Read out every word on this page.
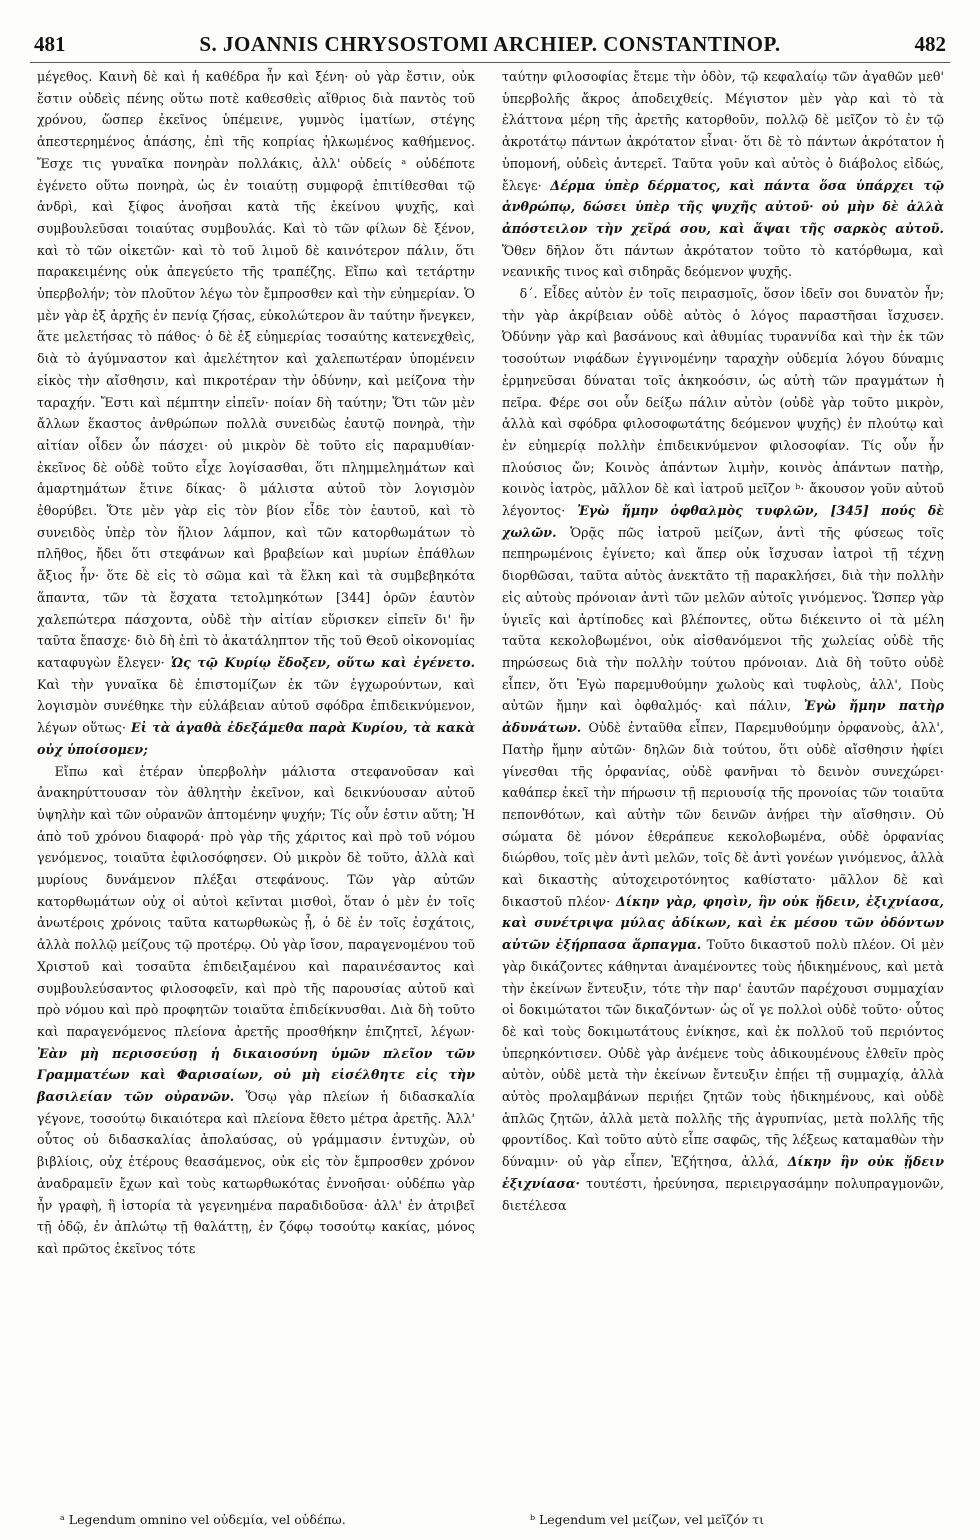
481	S. JOANNIS CHRYSOSTOMI ARCHIEP. CONSTANTINOP.	482

μέγεθος. Καινὴ δὲ καὶ ἡ καθέδρα ἦν καὶ ξένη· οὐ γὰρ ἔστιν, οὐκ ἔστιν οὐδεὶς πένης οὕτω ποτὲ καθεσθεὶς αἴθριος διὰ παντὸς τοῦ χρόνου, ὥσπερ ἐκεῖνος ὑπέμεινε, γυμνὸς ἱματίων, στέγης ἀπεστερημένος ἁπάσης, ἐπὶ τῆς κοπρίας ἡλκωμένος καθήμενος. Ἔσχε τις γυναῖκα πονηρὰν πολλάκις, ἀλλ' οὐδείς ᵃ οὐδέποτε ἐγένετο οὕτω πονηρὰ, ὡς ἐν τοιαύτῃ συμφορᾷ ἐπιτίθεσθαι τῷ ἀνδρὶ, καὶ ξίφος ἀνοῆσαι κατὰ τῆς ἐκείνου ψυχῆς, καὶ συμβουλεῦσαι τοιαύτας συμβουλάς. Καὶ τὸ τῶν φίλων δὲ ξένον, καὶ τὸ τῶν οἰκετῶν· καὶ τὸ τοῦ λιμοῦ δὲ καινότερον πάλιν, ὅτι παρακειμένης οὐκ ἀπεγεύετο τῆς τραπέζης. Εἴπω καὶ τετάρτην ὑπερβολήν; τὸν πλοῦτον λέγω τὸν ἔμπροσθεν καὶ τὴν εὐημερίαν. Ὁ μὲν γὰρ ἐξ ἀρχῆς ἐν πενίᾳ ζήσας, εὐκολώτερον ἂν ταύτην ἤνεγκεν, ἅτε μελετήσας τὸ πάθος· ὁ δὲ ἐξ εὐημερίας τοσαύτης κατενεχθεὶς, διὰ τὸ ἀγύμναστον καὶ ἀμελέτητον καὶ χαλεπωτέραν ὑπομένειν εἰκὸς τὴν αἴσθησιν, καὶ πικροτέραν τὴν ὀδύνην, καὶ μείζονα τὴν ταραχήν. Ἔστι καὶ πέμπτην εἰπεῖν· ποίαν δὴ ταύτην; Ὅτι τῶν μὲν ἄλλων ἕκαστος ἀνθρώπων πολλὰ συνειδὼς ἑαυτῷ πονηρὰ, τὴν αἰτίαν οἶδεν ὧν πάσχει· οὐ μικρὸν δὲ τοῦτο εἰς παραμυθίαν· ἐκεῖνος δὲ οὐδὲ τοῦτο εἶχε λογίσασθαι, ὅτι πλημμελημάτων καὶ ἁμαρτημάτων ἔτινε δίκας· ὃ μάλιστα αὐτοῦ τὸν λογισμὸν ἐθορύβει. Ὅτε μὲν γὰρ εἰς τὸν βίον εἶδε τὸν ἑαυτοῦ, καὶ τὸ συνειδὸς ὑπὲρ τὸν ἥλιον λάμπον, καὶ τῶν κατορθωμάτων τὸ πλῆθος, ἤδει ὅτι στεφάνων καὶ βραβείων καὶ μυρίων ἐπάθλων ἄξιος ἦν· ὅτε δὲ εἰς τὸ σῶμα καὶ τὰ ἕλκη καὶ τὰ συμβεβηκότα ἅπαντα, τῶν τὰ ἔσχατα τετολμηκότων [344] ὁρῶν ἑαυτὸν χαλεπώτερα πάσχοντα, οὐδὲ τὴν αἰτίαν εὕρισκεν εἰπεῖν δι' ἣν ταῦτα ἔπασχε· διὸ δὴ ἐπὶ τὸ ἀκατάληπτον τῆς τοῦ Θεοῦ οἰκονομίας καταφυγὼν ἔλεγεν· Ὡς τῷ Κυρίῳ ἔδοξεν, οὕτω καὶ ἐγένετο. Καὶ τὴν γυναῖκα δὲ ἐπιστομίζων ἐκ τῶν ἐγχωρούντων, καὶ λογισμὸν συνέθηκε τὴν εὐλάβειαν αὐτοῦ σφόδρα ἐπιδεικνύμενον, λέγων οὕτως· Εἰ τὰ ἀγαθὰ ἐδεξάμεθα παρὰ Κυρίου, τὰ κακὰ οὐχ ὑποίσομεν;

Εἴπω καὶ ἑτέραν ὑπερβολὴν μάλιστα στεφανοῦσαν καὶ ἀνακηρύττουσαν τὸν ἀθλητὴν ἐκεῖνον, καὶ δεικνύουσαν αὐτοῦ ὑψηλὴν καὶ τῶν οὐρανῶν ἁπτομένην ψυχήν; Τίς οὖν ἐστιν αὕτη; Ἡ ἀπὸ τοῦ χρόνου διαφορά· πρὸ γὰρ τῆς χάριτος καὶ πρὸ τοῦ νόμου γενόμενος, τοιαῦτα ἐφιλοσόφησεν. Οὐ μικρὸν δὲ τοῦτο, ἀλλὰ καὶ μυρίους δυνάμενον πλέξαι στεφάνους. Τῶν γὰρ αὐτῶν κατορθωμάτων οὐχ οἱ αὐτοὶ κεῖνται μισθοὶ, ὅταν ὁ μὲν ἐν τοῖς ἀνωτέροις χρόνοις ταῦτα κατωρθωκὼς ᾖ, ὁ δὲ ἐν τοῖς ἐσχάτοις, ἀλλὰ πολλῷ μείζους τῷ προτέρῳ. Οὐ γὰρ ἴσον, παραγενομένου τοῦ Χριστοῦ καὶ τοσαῦτα ἐπιδειξαμένου καὶ παραινέσαντος καὶ συμβουλεύσαντος φιλοσοφεῖν, καὶ πρὸ τῆς παρουσίας αὐτοῦ καὶ πρὸ νόμου καὶ πρὸ προφητῶν τοιαῦτα ἐπιδείκνυσθαι. Διὰ δὴ τοῦτο καὶ παραγενόμενος πλείονα ἀρετῆς προσθήκην ἐπιζητεῖ, λέγων· Ἐὰν μὴ περισσεύσῃ ἡ δικαιοσύνη ὑμῶν πλεῖον τῶν Γραμματέων καὶ Φαρισαίων, οὐ μὴ εἰσέλθητε εἰς τὴν βασιλείαν τῶν οὐρανῶν. Ὅσῳ γὰρ πλείων ἡ διδασκαλία γέγονε, τοσούτῳ δικαιότερα καὶ πλείονα ἔθετο μέτρα ἀρετῆς. Ἀλλ' οὗτος οὐ διδασκαλίας ἀπολαύσας, οὐ γράμμασιν ἐντυχὼν, οὐ βιβλίοις, οὐχ ἑτέρους θεασάμενος, οὐκ εἰς τὸν ἔμπροσθεν χρόνον ἀναδραμεῖν ἔχων καὶ τοὺς κατωρθωκότας ἐννοῆσαι· οὐδέπω γὰρ ἦν γραφὴ, ἣ ἱστορία τὰ γεγενημένα παραδιδοῦσα· ἀλλ' ἐν ἀτριβεῖ τῇ ὁδῷ, ἐν ἀπλώτῳ τῇ θαλάττῃ, ἐν ζόφῳ τοσούτῳ κακίας, μόνος καὶ πρῶτος ἐκεῖνος τότε

ταύτην φιλοσοφίας ἔτεμε τὴν ὁδὸν, τῷ κεφαλαίῳ τῶν ἀγαθῶν μεθ' ὑπερβολῆς ἄκρος ἀποδειχθείς. Μέγιστον μὲν γὰρ καὶ τὸ τὰ ἐλάττονα μέρη τῆς ἀρετῆς κατορθοῦν, πολλῷ δὲ μεῖζον τὸ ἐν τῷ ἀκροτάτῳ πάντων ἀκρότατον εἶναι· ὅτι δὲ τὸ πάντων ἀκρότατον ἡ ὑπομονή, οὐδεὶς ἀντερεῖ. Ταῦτα γοῦν καὶ αὐτὸς ὁ διάβολος εἰδώς, ἔλεγε· Δέρμα ὑπὲρ δέρματος, καὶ πάντα ὅσα ὑπάρχει τῷ ἀνθρώπῳ, δώσει ὑπὲρ τῆς ψυχῆς αὐτοῦ· οὐ μὴν δὲ ἀλλὰ ἀπόστειλον τὴν χεῖρά σου, καὶ ἅψαι τῆς σαρκὸς αὐτοῦ. Ὅθεν δῆλον ὅτι πάντων ἀκρότατον τοῦτο τὸ κατόρθωμα, καὶ νεανικῆς τινος καὶ σιδηρᾶς δεόμενον ψυχῆς.

δ΄. Εἶδες αὐτὸν ἐν τοῖς πειρασμοῖς, ὅσον ἰδεῖν σοι δυνατὸν ἦν; τὴν γὰρ ἀκρίβειαν οὐδὲ αὐτὸς ὁ λόγος παραστῆσαι ἴσχυσεν. Ὀδύνην γὰρ καὶ βασάνους καὶ ἀθυμίας τυραννίδα καὶ τὴν ἐκ τῶν τοσούτων νιφάδων ἐγγινομένην ταραχὴν οὐδεμία λόγου δύναμις ἑρμηνεῦσαι δύναται τοῖς ἀκηκοόσιν, ὡς αὐτὴ τῶν πραγμάτων ἡ πεῖρα. Φέρε σοι οὖν δείξω πάλιν αὐτὸν (οὐδὲ γὰρ τοῦτο μικρὸν, ἀλλὰ καὶ σφόδρα φιλοσοφωτάτης δεόμενον ψυχῆς) ἐν πλούτῳ καὶ ἐν εὐημερίᾳ πολλὴν ἐπιδεικνύμενον φιλοσοφίαν. Τίς οὖν ἦν πλούσιος ὤν; Κοινὸς ἁπάντων λιμὴν, κοινὸς ἁπάντων πατὴρ, κοινὸς ἰατρὸς, μᾶλλον δὲ καὶ ἰατροῦ μεῖζον ᵇ· ἄκουσον γοῦν αὐτοῦ λέγοντος· Ἐγὼ ἤμην ὀφθαλμὸς τυφλῶν, [345] πούς δὲ χωλῶν. Ὁρᾷς πῶς ἰατροῦ μείζων, ἀντὶ τῆς φύσεως τοῖς πεπηρωμένοις ἐγίνετο; καὶ ἅπερ οὐκ ἴσχυσαν ἰατροὶ τῇ τέχνῃ διορθῶσαι, ταῦτα αὐτὸς ἀνεκτᾶτο τῇ παρακλήσει, διὰ τὴν πολλὴν εἰς αὐτοὺς πρόνοιαν ἀντὶ τῶν μελῶν αὐτοῖς γινόμενος. Ὥσπερ γὰρ ὑγιεῖς καὶ ἀρτίποδες καὶ βλέποντες, οὕτω διέκειντο οἱ τὰ μέλη ταῦτα κεκολοβωμένοι, οὐκ αἰσθανόμενοι τῆς χωλείας οὐδὲ τῆς πηρώσεως διὰ τὴν πολλὴν τούτου πρόνοιαν. Διὰ δὴ τοῦτο οὐδὲ εἶπεν, ὅτι Ἐγὼ παρεμυθούμην χωλοὺς καὶ τυφλοὺς, ἀλλ', Ποὺς αὐτῶν ἤμην καὶ ὀφθαλμός· καὶ πάλιν, Ἐγὼ ἤμην πατὴρ ἀδυνάτων. Οὐδὲ ἐνταῦθα εἶπεν, Παρεμυθούμην ὀρφανοὺς, ἀλλ', Πατὴρ ἤμην αὐτῶν· δηλῶν διὰ τούτου, ὅτι οὐδὲ αἴσθησιν ἠφίει γίνεσθαι τῆς ὀρφανίας, οὐδὲ φανῆναι τὸ δεινὸν συνεχώρει· καθάπερ ἐκεῖ τὴν πήρωσιν τῇ περιουσίᾳ τῆς προνοίας τῶν τοιαῦτα πεπονθότων, καὶ αὐτὴν τῶν δεινῶν ἀνῄρει τὴν αἴσθησιν. Οὐ σώματα δὲ μόνον ἐθεράπευε κεκολοβωμένα, οὐδὲ ὀρφανίας διώρθου, τοῖς μὲν ἀντὶ μελῶν, τοῖς δὲ ἀντὶ γονέων γινόμενος, ἀλλὰ καὶ δικαστὴς αὐτοχειροτόνητος καθίστατο· μᾶλλον δὲ καὶ δικαστοῦ πλέον· Δίκην γὰρ, φησὶν, ἣν οὐκ ᾔδειν, ἐξιχνίασα, καὶ συνέτριψα μύλας ἀδίκων, καὶ ἐκ μέσου τῶν ὀδόντων αὐτῶν ἐξήρπασα ἅρπαγμα. Τοῦτο δικαστοῦ πολὺ πλέον. Οἱ μὲν γὰρ δικάζοντες κάθηνται ἀναμένοντες τοὺς ἠδικημένους, καὶ μετὰ τὴν ἐκείνων ἔντευξιν, τότε τὴν παρ' ἑαυτῶν παρέχουσι συμμαχίαν οἱ δοκιμώτατοι τῶν δικαζόντων· ὡς οἵ γε πολλοὶ οὐδὲ τοῦτο· οὗτος δὲ καὶ τοὺς δοκιμωτάτους ἐνίκησε, καὶ ἐκ πολλοῦ τοῦ περιόντος ὑπερηκόντισεν. Οὐδὲ γὰρ ἀνέμενε τοὺς ἀδικουμένους ἐλθεῖν πρὸς αὐτὸν, οὐδὲ μετὰ τὴν ἐκείνων ἔντευξιν ἐπῄει τῇ συμμαχίᾳ, ἀλλὰ αὐτὸς προλαμβάνων περιῄει ζητῶν τοὺς ἠδικημένους, καὶ οὐδὲ ἁπλῶς ζητῶν, ἀλλὰ μετὰ πολλῆς τῆς ἀγρυπνίας, μετὰ πολλῆς τῆς φροντίδος. Καὶ τοῦτο αὐτὸ εἶπε σαφῶς, τῆς λέξεως καταμαθὼν τὴν δύναμιν· οὐ γὰρ εἶπεν, Ἐζήτησα, ἀλλά, Δίκην ἣν οὐκ ᾔδειν ἐξιχνίασα· τουτέστι, ἠρεύνησα, περιειργασάμην πολυπραγμονῶν, διετέλεσα

ᵃ Legendum omnino vel οὐδεμία, vel οὐδέπω.	ᵇ Legendum vel μείζων, vel μεῖζόν τι
